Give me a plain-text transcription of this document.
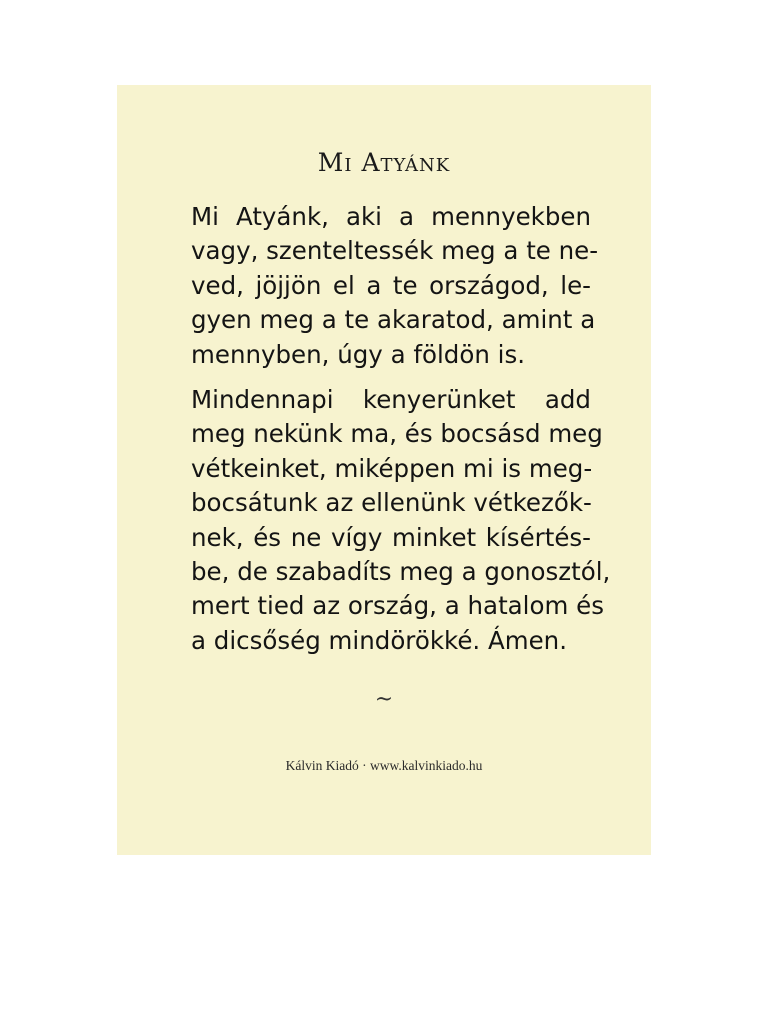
Mi Atyánk
Mi Atyánk, aki a mennyekben
vagy, szenteltessék meg a te ne-
ved, jöjjön el a te országod, le-
gyen meg a te akaratod, amint a
mennyben, úgy a földön is.
Mindennapi kenyerünket add
meg nekünk ma, és bocsásd meg
vétkeinket, miképpen mi is meg-
bocsátunk az ellenünk vétkezők-
nek, és ne vígy minket kísértés-
be, de szabadíts meg a gonosztól,
mert tied az ország, a hatalom és
a dicsőség mindörökké. Ámen.
~
Kálvin Kiadó · www.kalvinkiado.hu
